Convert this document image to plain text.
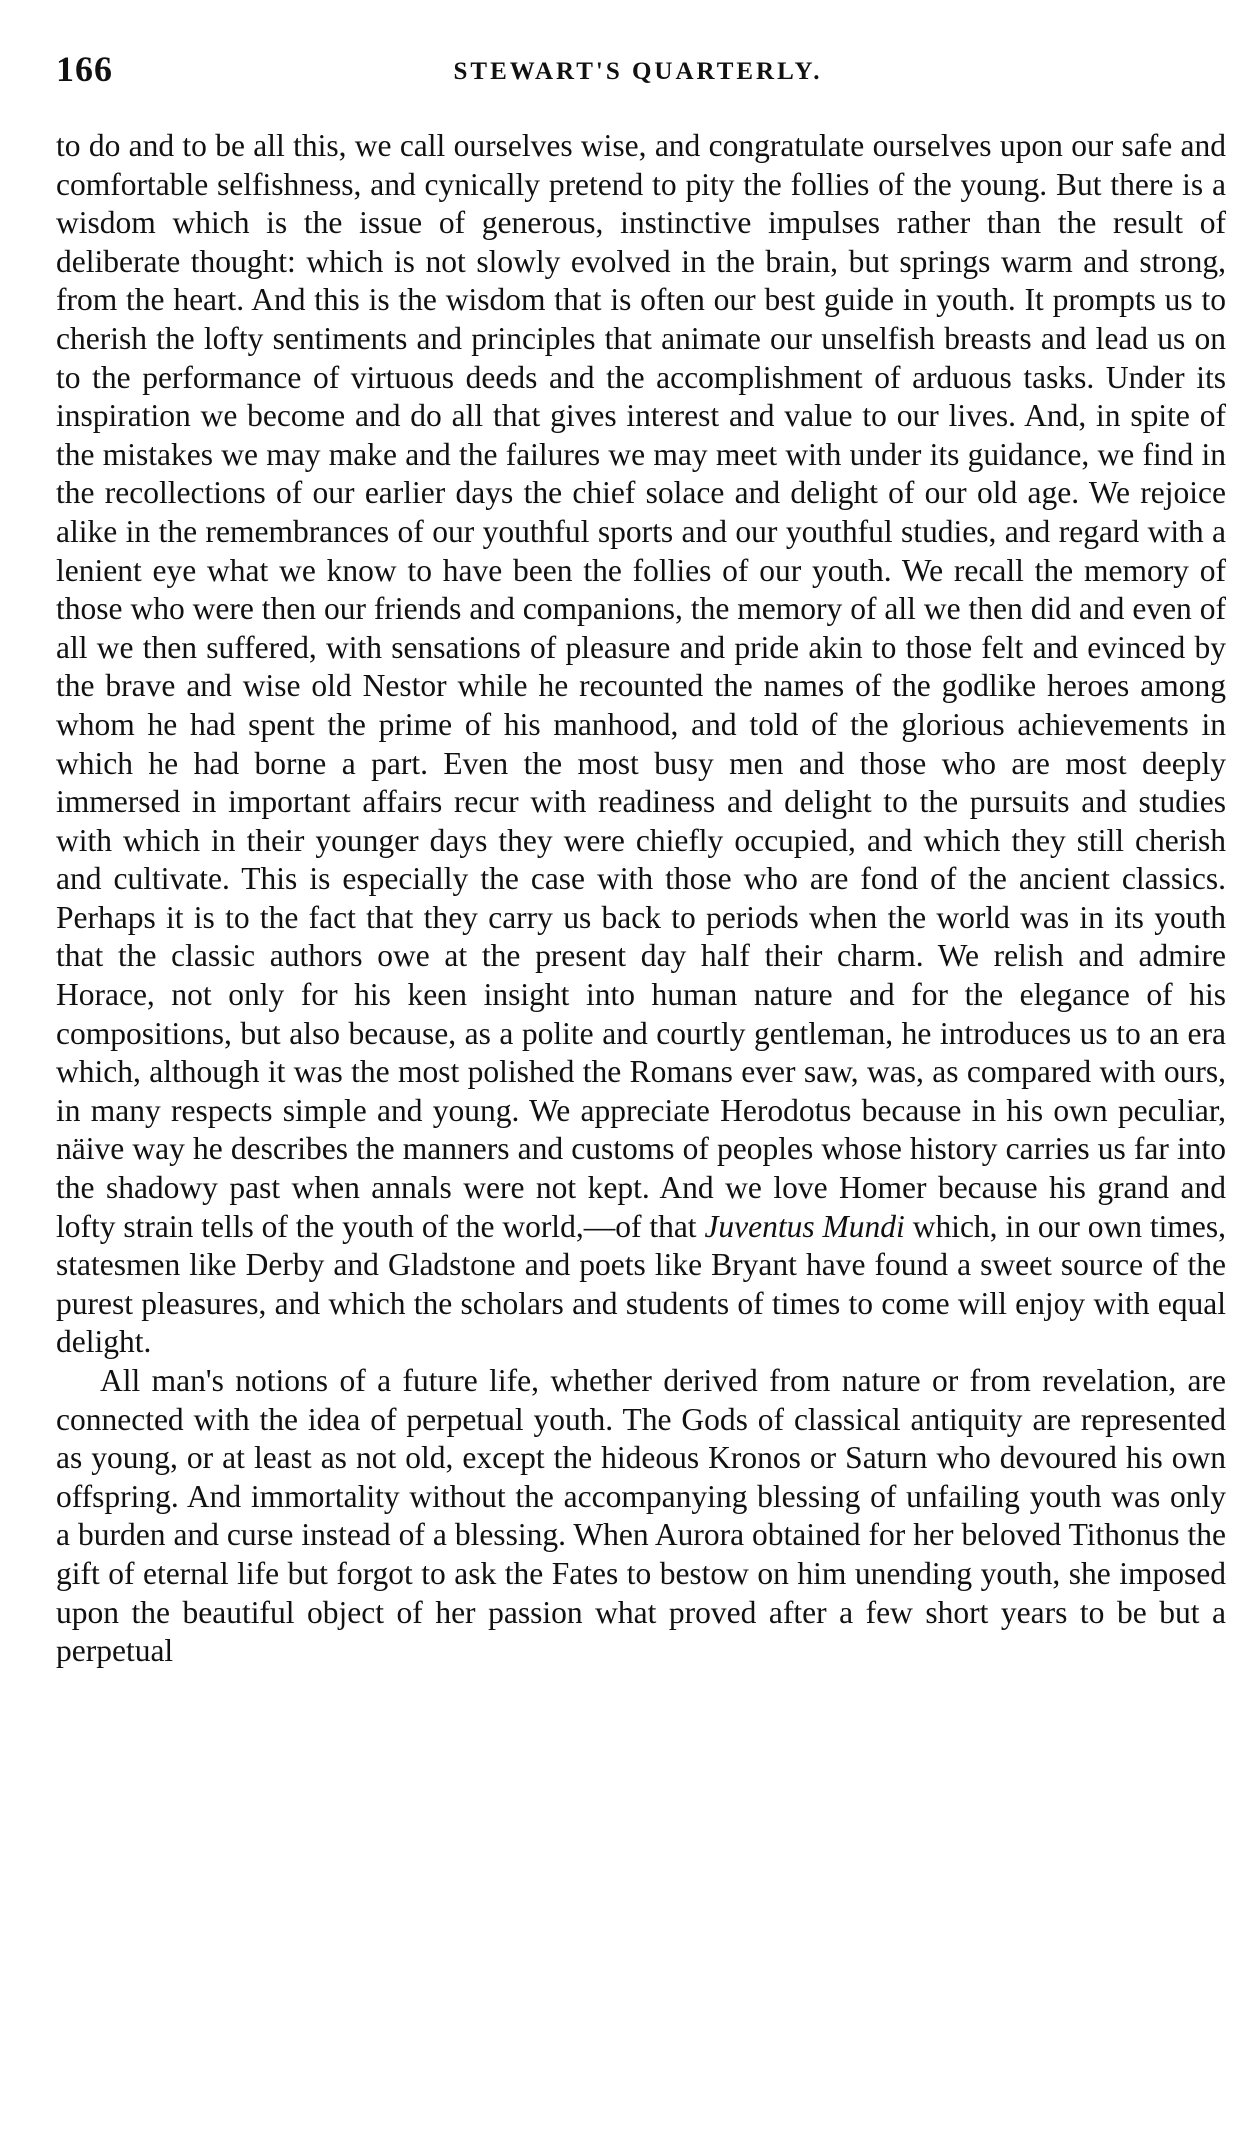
166	STEWART'S QUARTERLY.

to do and to be all this, we call ourselves wise, and congratulate ourselves upon our safe and comfortable selfishness, and cynically pretend to pity the follies of the young. But there is a wisdom which is the issue of generous, instinctive impulses rather than the result of deliberate thought: which is not slowly evolved in the brain, but springs warm and strong, from the heart. And this is the wisdom that is often our best guide in youth. It prompts us to cherish the lofty sentiments and principles that animate our unselfish breasts and lead us on to the performance of virtuous deeds and the accomplishment of arduous tasks. Under its inspiration we become and do all that gives interest and value to our lives. And, in spite of the mistakes we may make and the failures we may meet with under its guidance, we find in the recollections of our earlier days the chief solace and delight of our old age. We rejoice alike in the remembrances of our youthful sports and our youthful studies, and regard with a lenient eye what we know to have been the follies of our youth. We recall the memory of those who were then our friends and companions, the memory of all we then did and even of all we then suffered, with sensations of pleasure and pride akin to those felt and evinced by the brave and wise old Nestor while he recounted the names of the godlike heroes among whom he had spent the prime of his manhood, and told of the glorious achievements in which he had borne a part. Even the most busy men and those who are most deeply immersed in important affairs recur with readiness and delight to the pursuits and studies with which in their younger days they were chiefly occupied, and which they still cherish and cultivate. This is especially the case with those who are fond of the ancient classics. Perhaps it is to the fact that they carry us back to periods when the world was in its youth that the classic authors owe at the present day half their charm. We relish and admire Horace, not only for his keen insight into human nature and for the elegance of his compositions, but also because, as a polite and courtly gentleman, he introduces us to an era which, although it was the most polished the Romans ever saw, was, as compared with ours, in many respects simple and young. We appreciate Herodotus because in his own peculiar, näive way he describes the manners and customs of peoples whose history carries us far into the shadowy past when annals were not kept. And we love Homer because his grand and lofty strain tells of the youth of the world,—of that Juventus Mundi which, in our own times, statesmen like Derby and Gladstone and poets like Bryant have found a sweet source of the purest pleasures, and which the scholars and students of times to come will enjoy with equal delight.

All man's notions of a future life, whether derived from nature or from revelation, are connected with the idea of perpetual youth. The Gods of classical antiquity are represented as young, or at least as not old, except the hideous Kronos or Saturn who devoured his own offspring. And immortality without the accompanying blessing of unfailing youth was only a burden and curse instead of a blessing. When Aurora obtained for her beloved Tithonus the gift of eternal life but forgot to ask the Fates to bestow on him unending youth, she imposed upon the beautiful object of her passion what proved after a few short years to be but a perpetual
